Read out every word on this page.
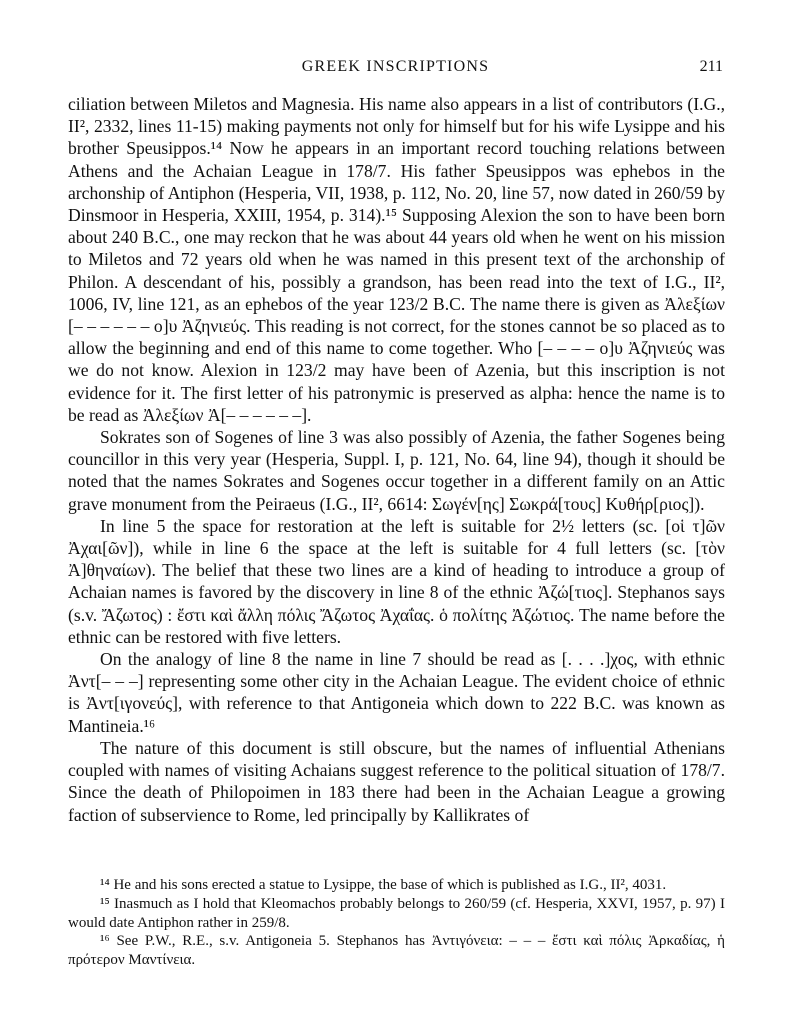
GREEK INSCRIPTIONS	211

ciliation between Miletos and Magnesia. His name also appears in a list of contributors (I.G., II², 2332, lines 11-15) making payments not only for himself but for his wife Lysippe and his brother Speusippos.¹⁴ Now he appears in an important record touching relations between Athens and the Achaian League in 178/7. His father Speusippos was ephebos in the archonship of Antiphon (Hesperia, VII, 1938, p. 112, No. 20, line 57, now dated in 260/59 by Dinsmoor in Hesperia, XXIII, 1954, p. 314).¹⁵ Supposing Alexion the son to have been born about 240 B.C., one may reckon that he was about 44 years old when he went on his mission to Miletos and 72 years old when he was named in this present text of the archonship of Philon. A descendant of his, possibly a grandson, has been read into the text of I.G., II², 1006, IV, line 121, as an ephebos of the year 123/2 B.C. The name there is given as Ἀλεξίων [– – – – – – ο]υ Ἀζηνιεύς. This reading is not correct, for the stones cannot be so placed as to allow the beginning and end of this name to come together. Who [– – – – ο]υ Ἀζηνιεύς was we do not know. Alexion in 123/2 may have been of Azenia, but this inscription is not evidence for it. The first letter of his patronymic is preserved as alpha: hence the name is to be read as Ἀλεξίων Ἀ[– – – – – –].

Sokrates son of Sogenes of line 3 was also possibly of Azenia, the father Sogenes being councillor in this very year (Hesperia, Suppl. I, p. 121, No. 64, line 94), though it should be noted that the names Sokrates and Sogenes occur together in a different family on an Attic grave monument from the Peiraeus (I.G., II², 6614: Σωγέν[ης] Σωκρά[τους] Κυθήρ[ριος]).

In line 5 the space for restoration at the left is suitable for 2½ letters (sc. [οἱ τ]ῶν Ἀχαι[ῶν]), while in line 6 the space at the left is suitable for 4 full letters (sc. [τὸν Ἀ]θηναίων). The belief that these two lines are a kind of heading to introduce a group of Achaian names is favored by the discovery in line 8 of the ethnic Ἀζώ[τιος]. Stephanos says (s.v. Ἄζωτος) : ἔστι καὶ ἄλλη πόλις Ἄζωτος Ἀχαΐας. ὁ πολίτης Ἀζώτιος. The name before the ethnic can be restored with five letters.

On the analogy of line 8 the name in line 7 should be read as [. . . .]χος, with ethnic Ἀντ[– – –] representing some other city in the Achaian League. The evident choice of ethnic is Ἀντ[ιγονεύς], with reference to that Antigoneia which down to 222 B.C. was known as Mantineia.¹⁶

The nature of this document is still obscure, but the names of influential Athenians coupled with names of visiting Achaians suggest reference to the political situation of 178/7. Since the death of Philopoimen in 183 there had been in the Achaian League a growing faction of subservience to Rome, led principally by Kallikrates of

¹⁴ He and his sons erected a statue to Lysippe, the base of which is published as I.G., II², 4031.

¹⁵ Inasmuch as I hold that Kleomachos probably belongs to 260/59 (cf. Hesperia, XXVI, 1957, p. 97) I would date Antiphon rather in 259/8.

¹⁶ See P.W., R.E., s.v. Antigoneia 5. Stephanos has Ἀντιγόνεια: – – – ἔστι καὶ πόλις Ἀρκαδίας, ἡ πρότερον Μαντίνεια.
